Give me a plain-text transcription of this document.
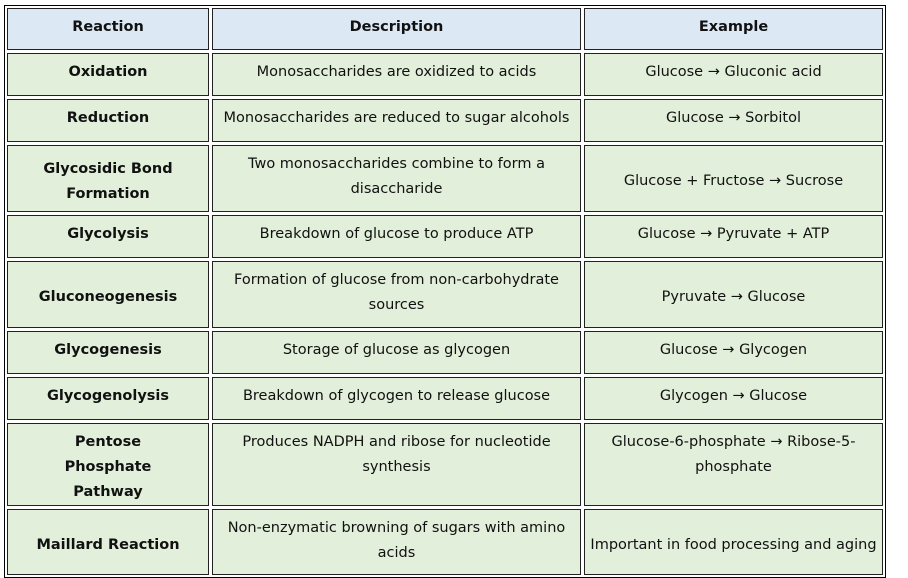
Reaction	Description	Example
Oxidation	Monosaccharides are oxidized to acids	Glucose → Gluconic acid
Reduction	Monosaccharides are reduced to sugar alcohols	Glucose → Sorbitol
Glycosidic Bond Formation	Two monosaccharides combine to form a disaccharide	Glucose + Fructose → Sucrose
Glycolysis	Breakdown of glucose to produce ATP	Glucose → Pyruvate + ATP
Gluconeogenesis	Formation of glucose from non-carbohydrate sources	Pyruvate → Glucose
Glycogenesis	Storage of glucose as glycogen	Glucose → Glycogen
Glycogenolysis	Breakdown of glycogen to release glucose	Glycogen → Glucose
Pentose Phosphate Pathway	Produces NADPH and ribose for nucleotide synthesis	Glucose-6-phosphate → Ribose-5-phosphate
Maillard Reaction	Non-enzymatic browning of sugars with amino acids	Important in food processing and aging
